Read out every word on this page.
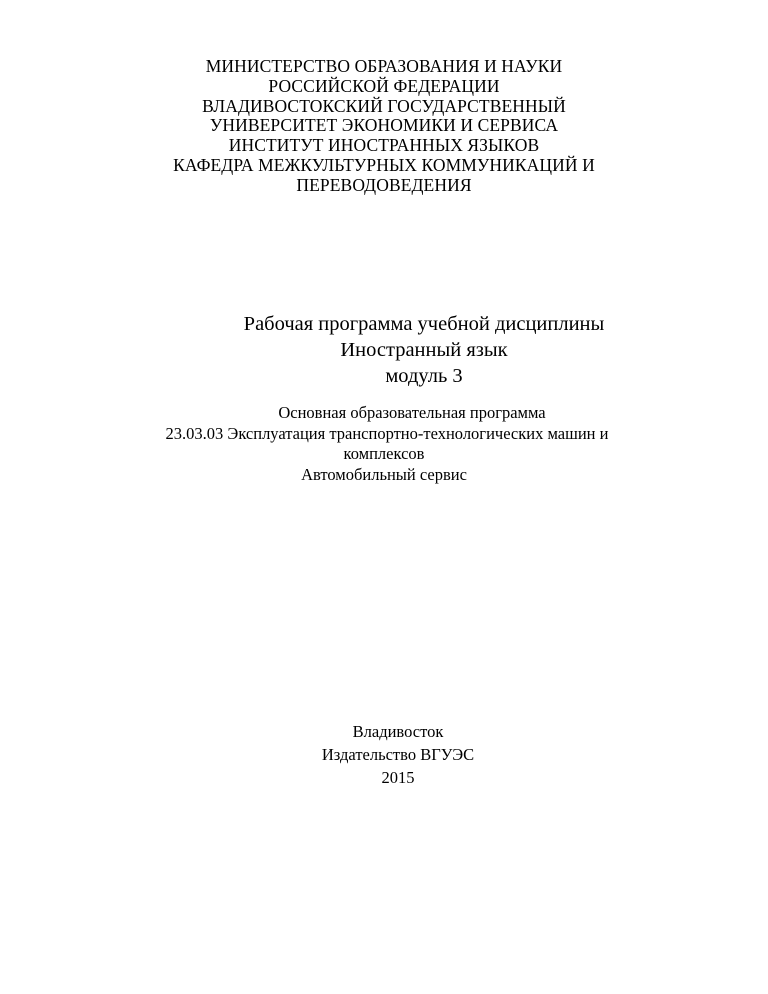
МИНИСТЕРСТВО ОБРАЗОВАНИЯ И НАУКИ
РОССИЙСКОЙ ФЕДЕРАЦИИ
ВЛАДИВОСТОКСКИЙ ГОСУДАРСТВЕННЫЙ
УНИВЕРСИТЕТ ЭКОНОМИКИ И СЕРВИСА
ИНСТИТУТ ИНОСТРАННЫХ ЯЗЫКОВ
КАФЕДРА МЕЖКУЛЬТУРНЫХ КОММУНИКАЦИЙ И
ПЕРЕВОДОВЕДЕНИЯ
Рабочая программа учебной дисциплины
Иностранный язык
модуль 3
Основная образовательная программа
23.03.03 Эксплуатация транспортно-технологических машин и
комплексов
Автомобильный сервис
Владивосток
Издательство ВГУЭС
2015
